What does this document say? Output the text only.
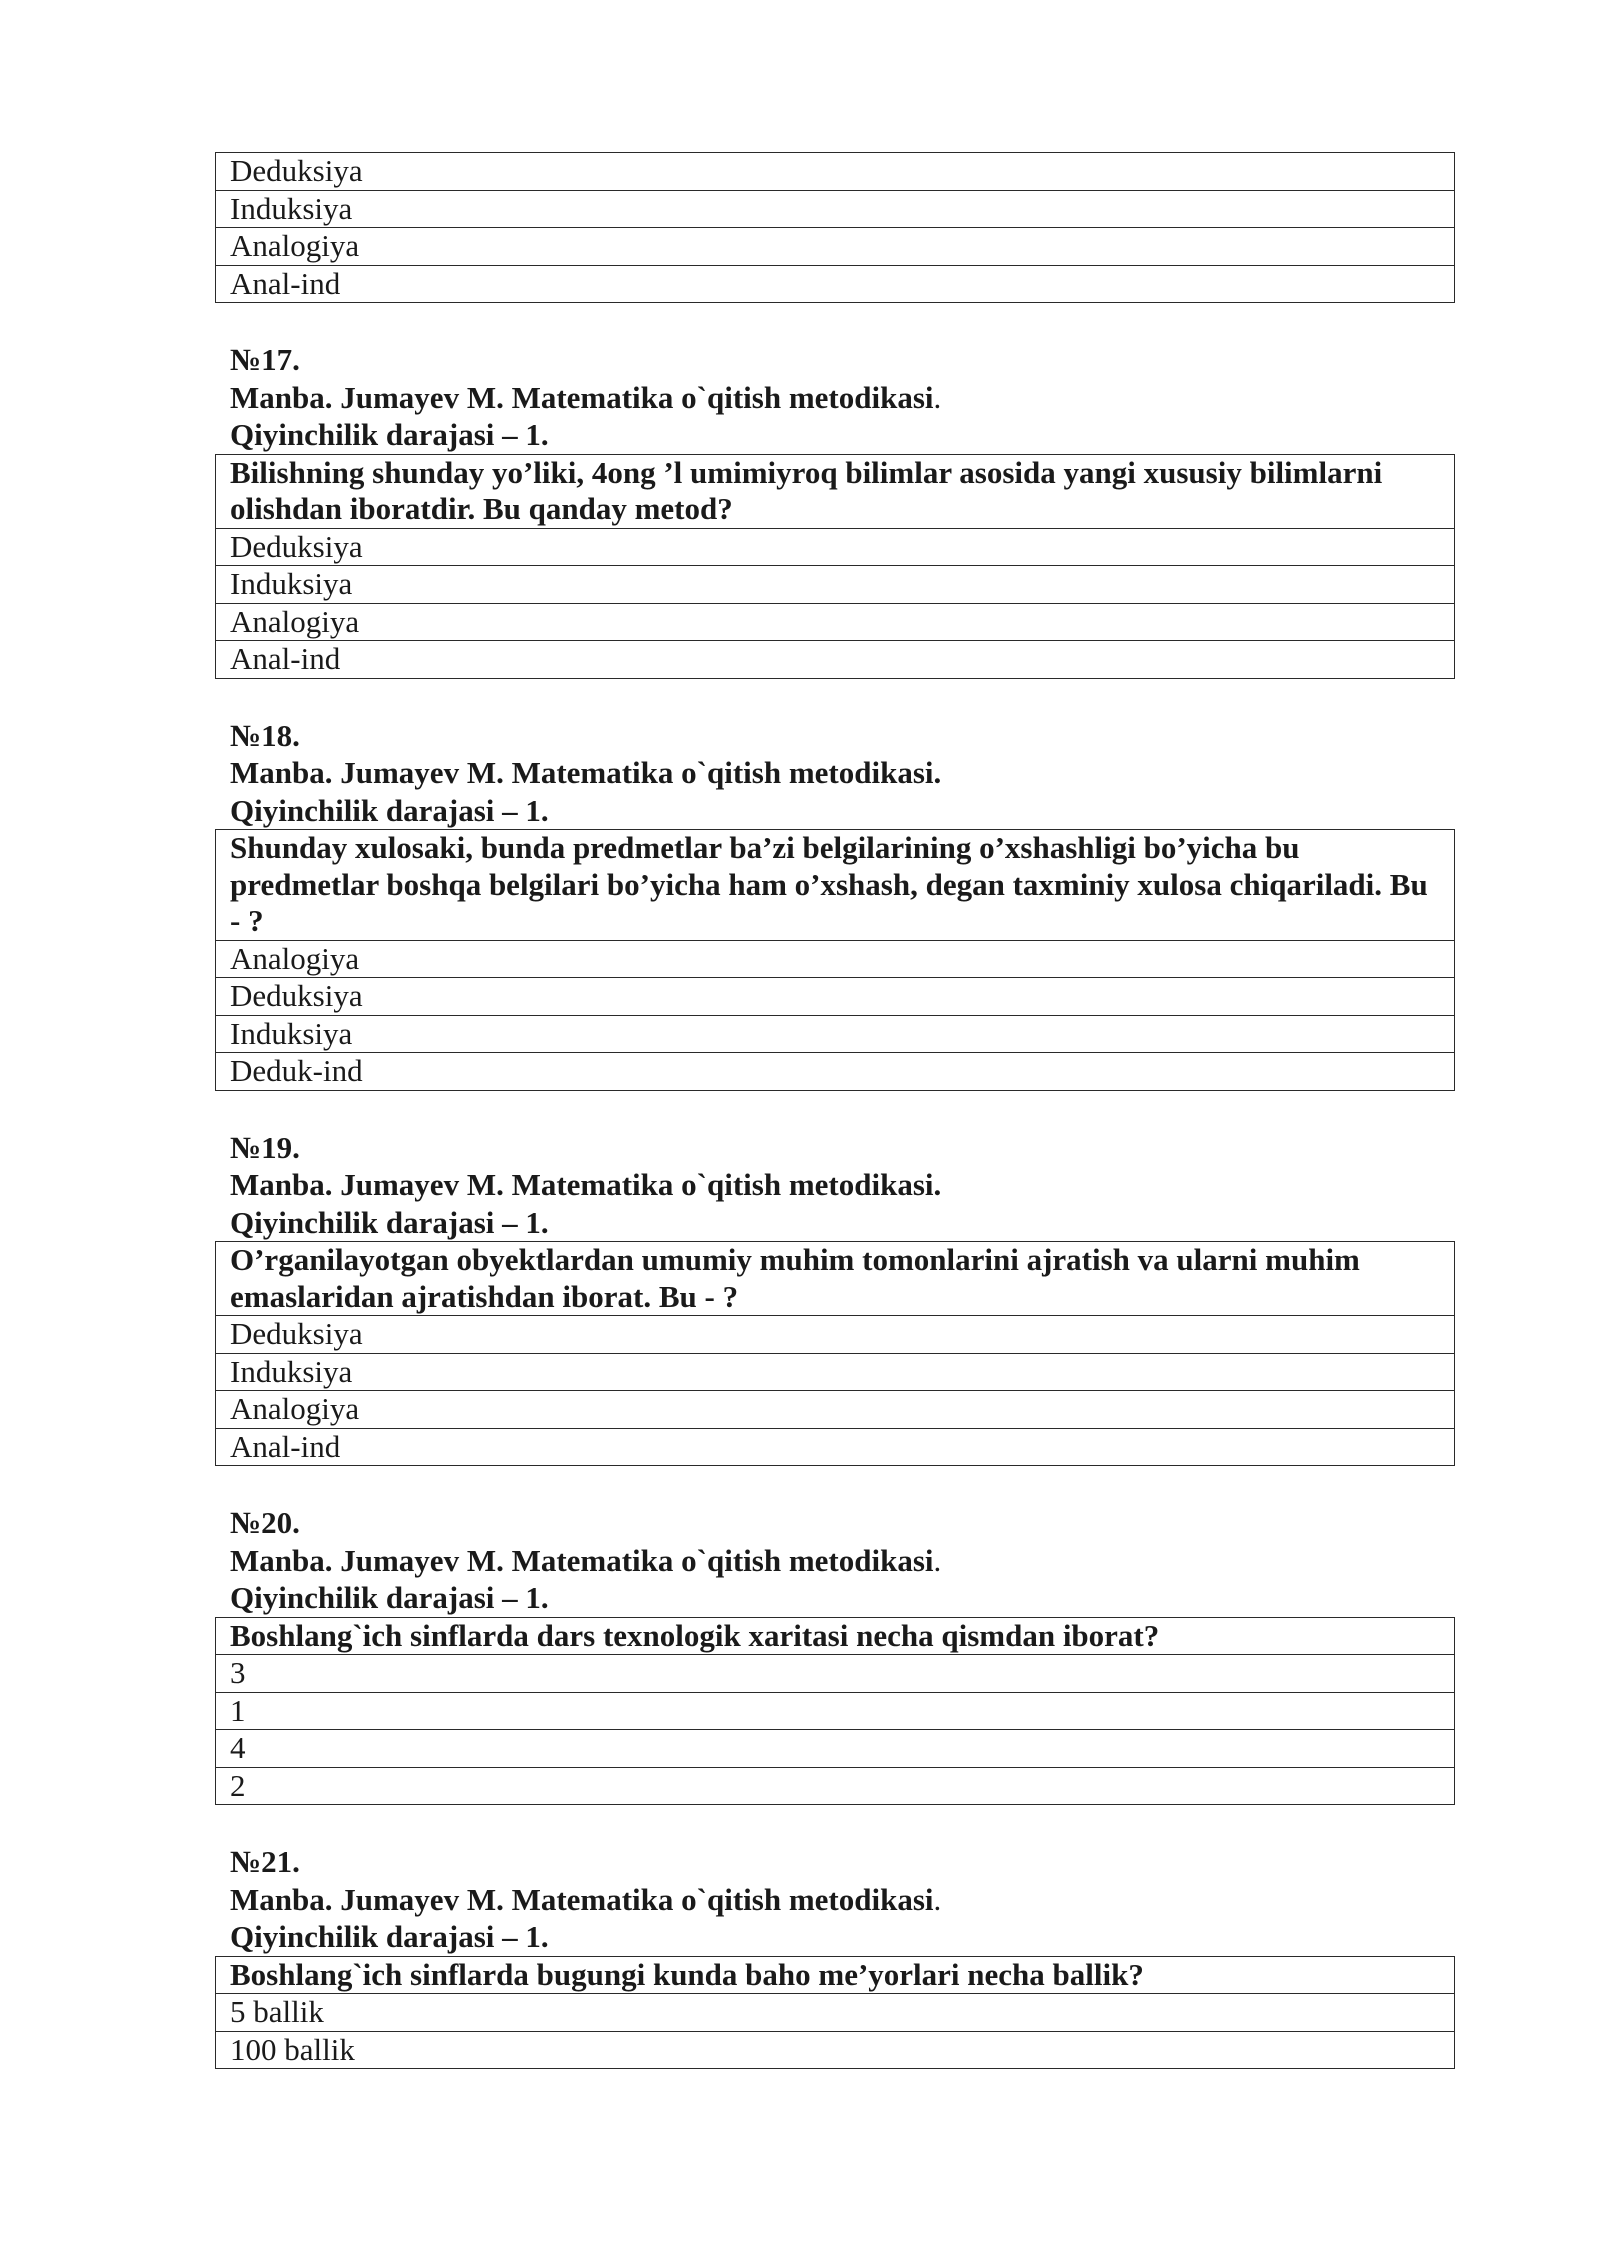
Deduksiya
Induksiya
Analogiya
Anal-ind
№17.
Manba. Jumayev M. Matematika o`qitish metodikasi.
Qiyinchilik darajasi – 1.
Bilishning shunday yo’liki, 4ong ’l umimiyroq bilimlar asosida yangi xususiy bilimlarni olishdan iboratdir. Bu qanday metod?
Deduksiya
Induksiya
Analogiya
Anal-ind
№18.
Manba. Jumayev M. Matematika o`qitish metodikasi.
Qiyinchilik darajasi – 1.
Shunday xulosaki, bunda predmetlar ba’zi belgilarining o’xshashligi bo’yicha bu predmetlar boshqa belgilari bo’yicha ham o’xshash, degan taxminiy xulosa chiqariladi. Bu - ?
Analogiya
Deduksiya
Induksiya
Deduk-ind
№19.
Manba. Jumayev M. Matematika o`qitish metodikasi.
Qiyinchilik darajasi – 1.
O’rganilayotgan obyektlardan umumiy muhim tomonlarini ajratish va ularni muhim emaslaridan ajratishdan iborat. Bu - ?
Deduksiya
Induksiya
Analogiya
Anal-ind
№20.
Manba. Jumayev M. Matematika o`qitish metodikasi.
Qiyinchilik darajasi – 1.
Boshlang`ich sinflarda dars texnologik xaritasi necha qismdan iborat?
3
1
4
2
№21.
Manba. Jumayev M. Matematika o`qitish metodikasi.
Qiyinchilik darajasi – 1.
Boshlang`ich sinflarda bugungi kunda baho me’yorlari necha ballik?
5 ballik
100 ballik
